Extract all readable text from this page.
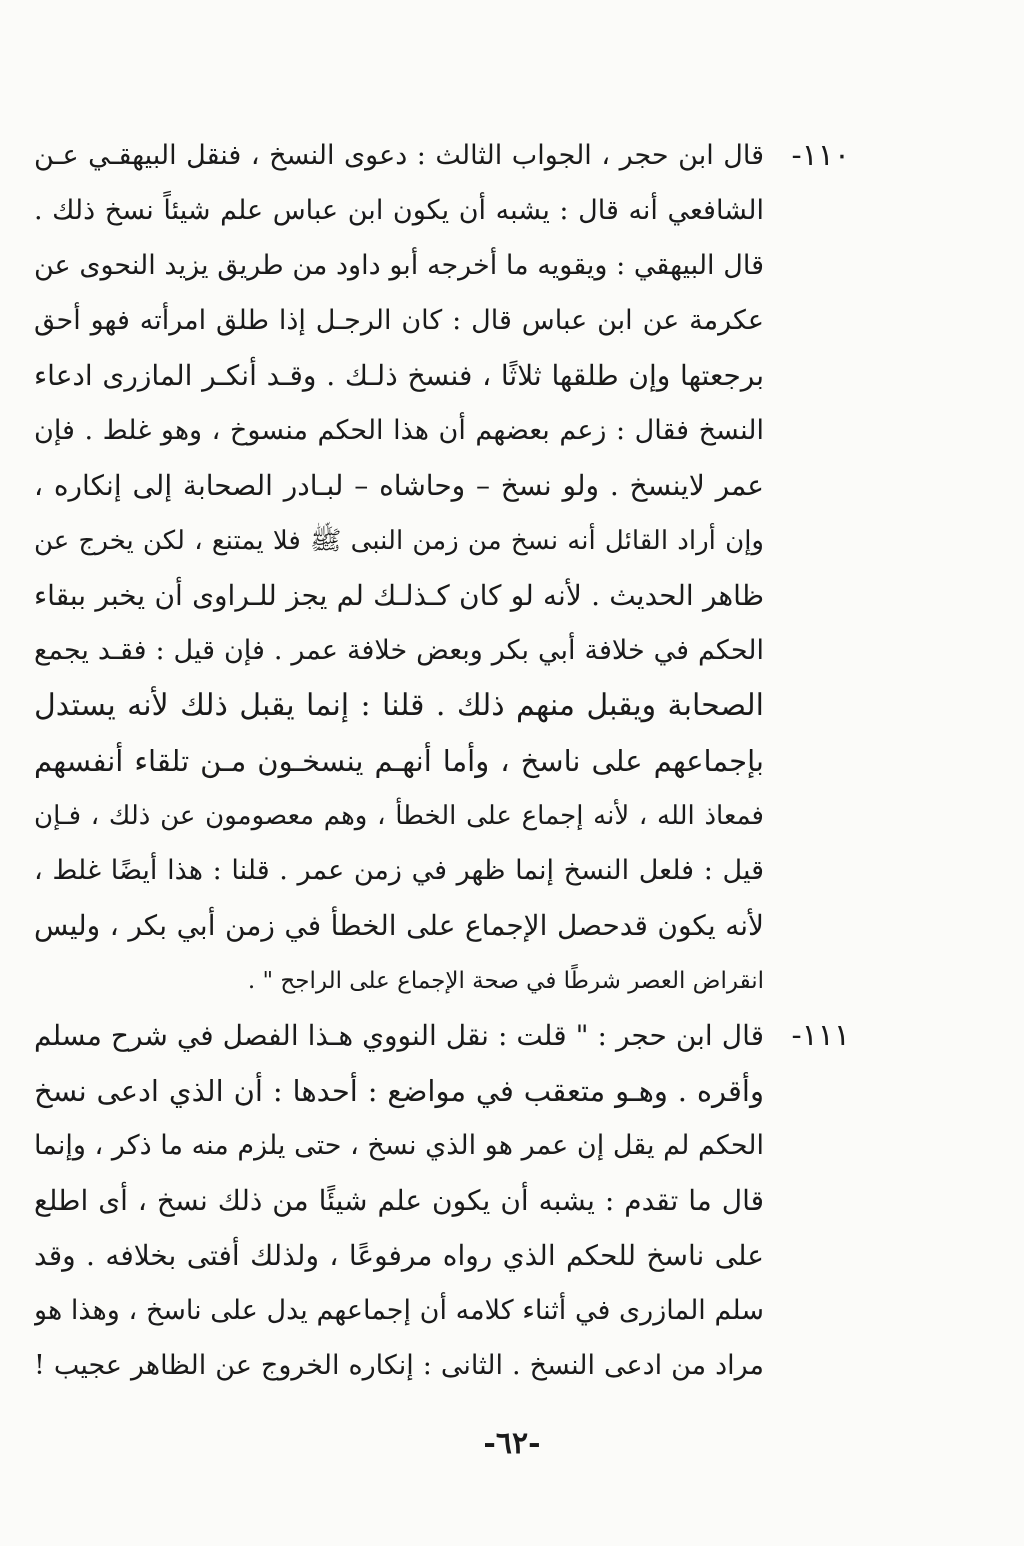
١١٠-
قال ابن حجر ، الجواب الثالث : دعوى النسخ ، فنقل البيهقـي عـن
الشافعي أنه قال : يشبه أن يكون ابن عباس علم شيئاً نسخ ذلك .
قال البيهقي : ويقويه ما أخرجه أبو داود من طريق يزيد النحوى عن
عكرمة عن ابن عباس قال : كان الرجـل إذا طلق امرأته فهو أحق
برجعتها وإن طلقها ثلاثًا ، فنسخ ذلـك . وقـد أنكـر المازرى ادعاء
النسخ فقال : زعم بعضهم أن هذا الحكم منسوخ ، وهو غلط . فإن
عمر لاينسخ . ولو نسخ – وحاشاه – لبـادر الصحابة إلى إنكاره ،
وإن أراد القائل أنه نسخ من زمن النبى ﷺ فلا يمتنع ، لكن يخرج عن
ظاهر الحديث . لأنه لو كان كـذلـك لم يجز للـراوى أن يخبر ببقاء
الحكم في خلافة أبي بكر وبعض خلافة عمر . فإن قيل : فقـد يجمع
الصحابة ويقبل منهم ذلك . قلنا : إنما يقبل ذلك لأنه يستدل
بإجماعهم على ناسخ ، وأما أنهـم ينسخـون مـن تلقاء أنفسهم
فمعاذ الله ، لأنه إجماع على الخطأ ، وهم معصومون عن ذلك ، فـإن
قيل : فلعل النسخ إنما ظهر في زمن عمر . قلنا : هذا أيضًا غلط ،
لأنه يكون قدحصل الإجماع على الخطأ في زمن أبي بكر ، وليس
انقراض العصر شرطًا في صحة الإجماع على الراجح " .
١١١-
قال ابن حجر : " قلت : نقل النووي هـذا الفصل في شرح مسلم
وأقره . وهـو متعقب في مواضع : أحدها : أن الذي ادعى نسخ
الحكم لم يقل إن عمر هو الذي نسخ ، حتى يلزم منه ما ذكر ، وإنما
قال ما تقدم : يشبه أن يكون علم شيئًا من ذلك نسخ ، أى اطلع
على ناسخ للحكم الذي رواه مرفوعًا ، ولذلك أفتى بخلافه . وقد
سلم المازرى في أثناء كلامه أن إجماعهم يدل على ناسخ ، وهذا هو
مراد من ادعى النسخ . الثانى : إنكاره الخروج عن الظاهر عجيب !
-٦٢-
